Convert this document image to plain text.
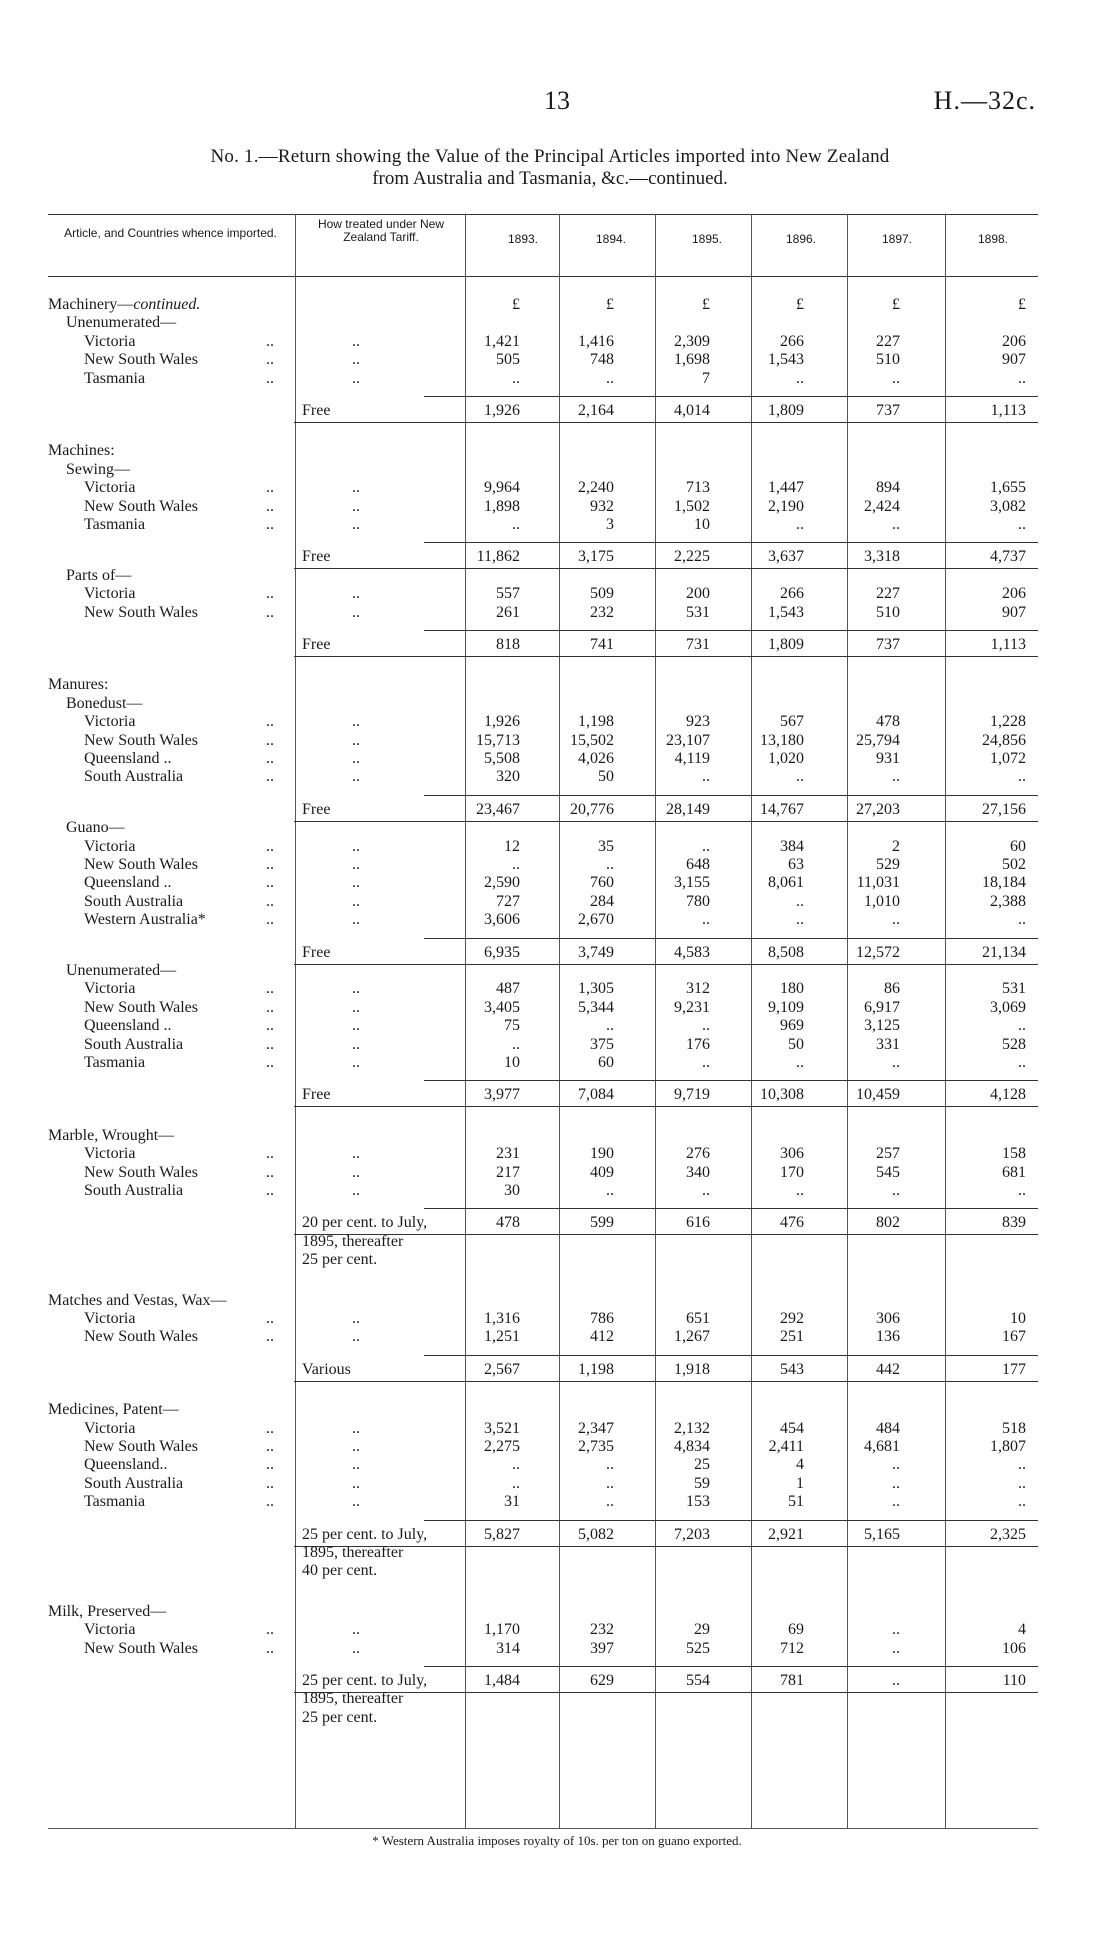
13	H.—32c.
No. 1.—Return showing the Value of the Principal Articles imported into New Zealand
from Australia and Tasmania, &c.—continued.
Article, and Countries whence imported.
How treated under New Zealand Tariff.	1893.	1894.	1895.	1896.	1897.	1898.
Machinery—continued.	£	£	£	£	£	£
Unenumerated—
Victoria	..	..	1,421	1,416	2,309	266	227	206
New South Wales	..	..	505	748	1,698	1,543	510	907
Tasmania	..	..	..	..	7	..	..	..
Free	1,926	2,164	4,014	1,809	737	1,113
Machines:
Sewing—
Victoria	..	..	9,964	2,240	713	1,447	894	1,655
New South Wales	..	..	1,898	932	1,502	2,190	2,424	3,082
Tasmania	..	..	..	3	10	..	..	..
Free	11,862	3,175	2,225	3,637	3,318	4,737
Parts of—
Victoria	..	..	557	509	200	266	227	206
New South Wales	..	..	261	232	531	1,543	510	907
Free	818	741	731	1,809	737	1,113
Manures:
Bonedust—
Victoria	..	..	1,926	1,198	923	567	478	1,228
New South Wales	..	..	15,713	15,502	23,107	13,180	25,794	24,856
Queensland ..	..	..	5,508	4,026	4,119	1,020	931	1,072
South Australia	..	..	320	50	..	..	..	..
Free	23,467	20,776	28,149	14,767	27,203	27,156
Guano—
Victoria	..	..	12	35	..	384	2	60
New South Wales	..	..	..	..	648	63	529	502
Queensland ..	..	..	2,590	760	3,155	8,061	11,031	18,184
South Australia	..	..	727	284	780	..	1,010	2,388
Western Australia*	..	..	3,606	2,670	..	..	..	..
Free	6,935	3,749	4,583	8,508	12,572	21,134
Unenumerated—
Victoria	..	..	487	1,305	312	180	86	531
New South Wales	..	..	3,405	5,344	9,231	9,109	6,917	3,069
Queensland ..	..	..	75	..	..	969	3,125	..
South Australia	..	..	..	375	176	50	331	528
Tasmania	..	..	10	60	..	..	..	..
Free	3,977	7,084	9,719	10,308	10,459	4,128
Marble, Wrought—
Victoria	..	..	231	190	276	306	257	158
New South Wales	..	..	217	409	340	170	545	681
South Australia	..	..	30	..	..	..	..	..
20 per cent. to July,	478	599	616	476	802	839
1895, thereafter
25 per cent.
Matches and Vestas, Wax—
Victoria	..	..	1,316	786	651	292	306	10
New South Wales	..	..	1,251	412	1,267	251	136	167
Various	2,567	1,198	1,918	543	442	177
Medicines, Patent—
Victoria	..	..	3,521	2,347	2,132	454	484	518
New South Wales	..	..	2,275	2,735	4,834	2,411	4,681	1,807
Queensland..	..	..	..	..	25	4	..	..
South Australia	..	..	..	..	59	1	..	..
Tasmania	..	..	31	..	153	51	..	..
25 per cent. to July,	5,827	5,082	7,203	2,921	5,165	2,325
1895, thereafter
40 per cent.
Milk, Preserved—
Victoria	..	..	1,170	232	29	69	..	4
New South Wales	..	..	314	397	525	712	..	106
25 per cent. to July,	1,484	629	554	781	..	110
1895, thereafter
25 per cent.
* Western Australia imposes royalty of 10s. per ton on guano exported.
